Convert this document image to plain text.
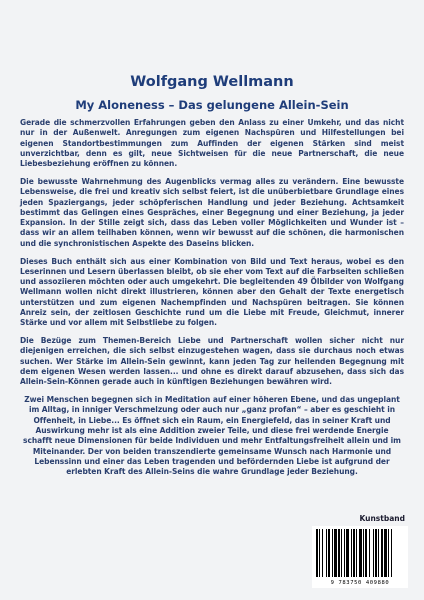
Wolfgang Wellmann
My Aloneness – Das gelungene Allein-Sein

Gerade die schmerzvollen Erfahrungen geben den Anlass zu einer Umkehr, und das nicht nur in der Außenwelt. Anregungen zum eigenen Nachspüren und Hilfestellungen bei eigenen Standortbestimmungen zum Auffinden der eigenen Stärken sind meist unverzichtbar, denn es gilt, neue Sichtweisen für die neue Partnerschaft, die neue Liebesbeziehung eröffnen zu können.

Die bewusste Wahrnehmung des Augenblicks vermag alles zu verändern. Eine bewusste Lebensweise, die frei und kreativ sich selbst feiert, ist die unüberbietbare Grundlage eines jeden Spaziergangs, jeder schöpferischen Handlung und jeder Beziehung. Achtsamkeit bestimmt das Gelingen eines Gespräches, einer Begegnung und einer Beziehung, ja jeder Expansion. In der Stille zeigt sich, dass das Leben voller Möglichkeiten und Wunder ist – dass wir an allem teilhaben können, wenn wir bewusst auf die schönen, die harmonischen und die synchronistischen Aspekte des Daseins blicken.

Dieses Buch enthält sich aus einer Kombination von Bild und Text heraus, wobei es den Leserinnen und Lesern überlassen bleibt, ob sie eher vom Text auf die Farbseiten schließen und assoziieren möchten oder auch umgekehrt. Die begleitenden 49 Ölbilder von Wolfgang Wellmann wollen nicht direkt illustrieren, können aber den Gehalt der Texte energetisch unterstützen und zum eigenen Nachempfinden und Nachspüren beitragen. Sie können Anreiz sein, der zeitlosen Geschichte rund um die Liebe mit Freude, Gleichmut, innerer Stärke und vor allem mit Selbstliebe zu folgen.

Die Bezüge zum Themen-Bereich Liebe und Partnerschaft wollen sicher nicht nur diejenigen erreichen, die sich selbst einzugestehen wagen, dass sie durchaus noch etwas suchen. Wer Stärke im Allein-Sein gewinnt, kann jeden Tag zur heilenden Begegnung mit dem eigenen Wesen werden lassen... und ohne es direkt darauf abzusehen, dass sich das Allein-Sein-Können gerade auch in künftigen Beziehungen bewähren wird.

Zwei Menschen begegnen sich in Meditation auf einer höheren Ebene, und das ungeplant im Alltag, in inniger Verschmelzung oder auch nur „ganz profan“ – aber es geschieht in Offenheit, in Liebe... Es öffnet sich ein Raum, ein Energiefeld, das in seiner Kraft und Auswirkung mehr ist als eine Addition zweier Teile, und diese frei werdende Energie schafft neue Dimensionen für beide Individuen und mehr Entfaltungsfreiheit allein und im Miteinander. Der von beiden transzendierte gemeinsame Wunsch nach Harmonie und Lebenssinn und einer das Leben tragenden und befördernden Liebe ist aufgrund der erlebten Kraft des Allein-Seins die wahre Grundlage jeder Beziehung.

Kunstband
9 783750 409880
